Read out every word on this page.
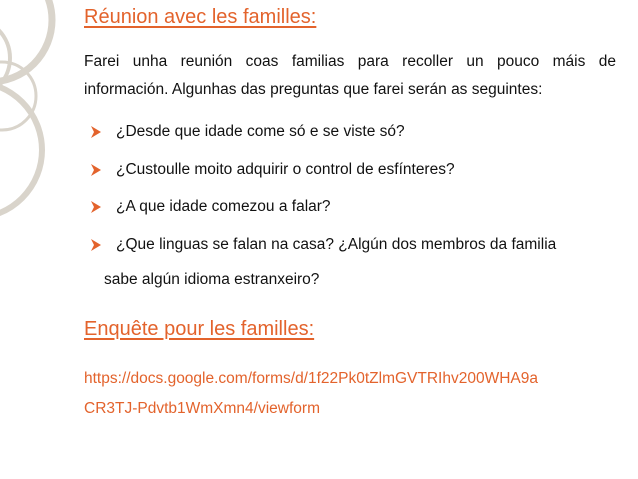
Réunion avec les familles:
Farei unha reunión coas familias para recoller un pouco máis de
información. Algunhas das preguntas que farei serán as seguintes:
¿Desde que idade come só e se viste só?
¿Custoulle moito adquirir o control de esfínteres?
¿A que idade comezou a falar?
¿Que linguas se falan na casa? ¿Algún dos membros da familia
sabe algún idioma estranxeiro?
Enquête pour les familles:
https://docs.google.com/forms/d/1f22Pk0tZlmGVTRIhv200WHA9a
CR3TJ-Pdvtb1WmXmn4/viewform
